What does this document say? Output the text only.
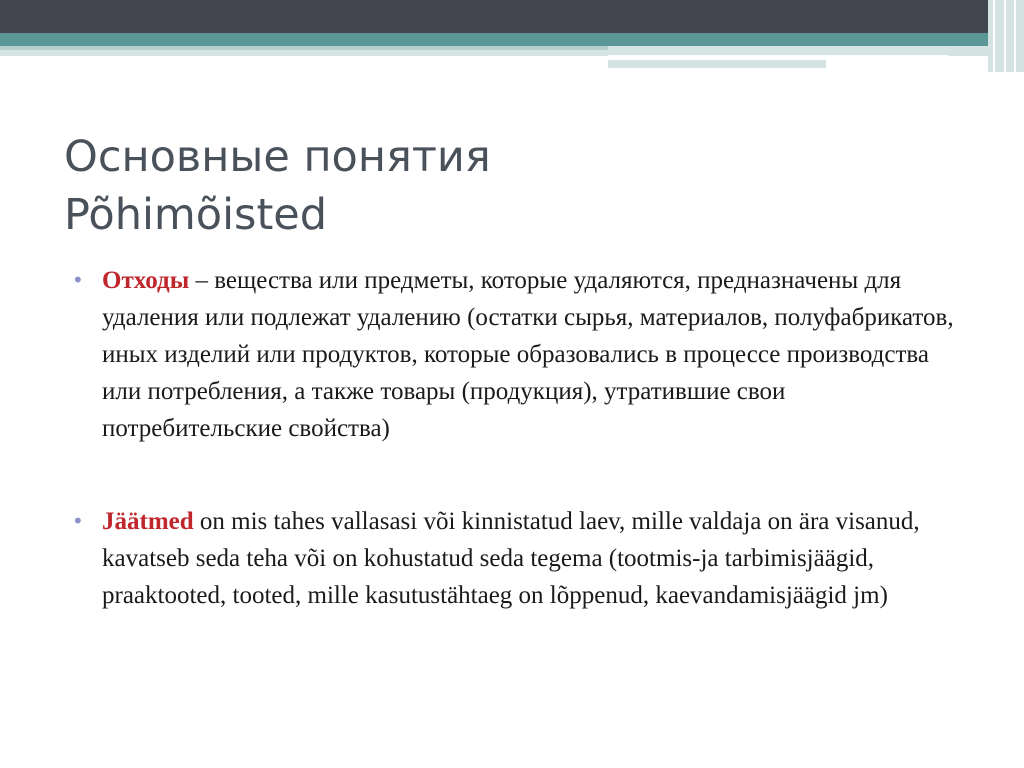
Основные понятия
Põhimõisted
• Отходы – вещества или предметы, которые удаляются, предназначены для удаления или подлежат удалению (остатки сырья, материалов, полуфабрикатов, иных изделий или продуктов, которые образовались в процессе производства или потребления, а также товары (продукция), утратившие свои потребительские свойства)
• Jäätmed on mis tahes vallasasi või kinnistatud laev, mille valdaja on ära visanud, kavatseb seda teha või on kohustatud seda tegema (tootmis-ja tarbimisjäägid, praaktooted, tooted, mille kasutustähtaeg on lõppenud, kaevandamisjäägid jm)
